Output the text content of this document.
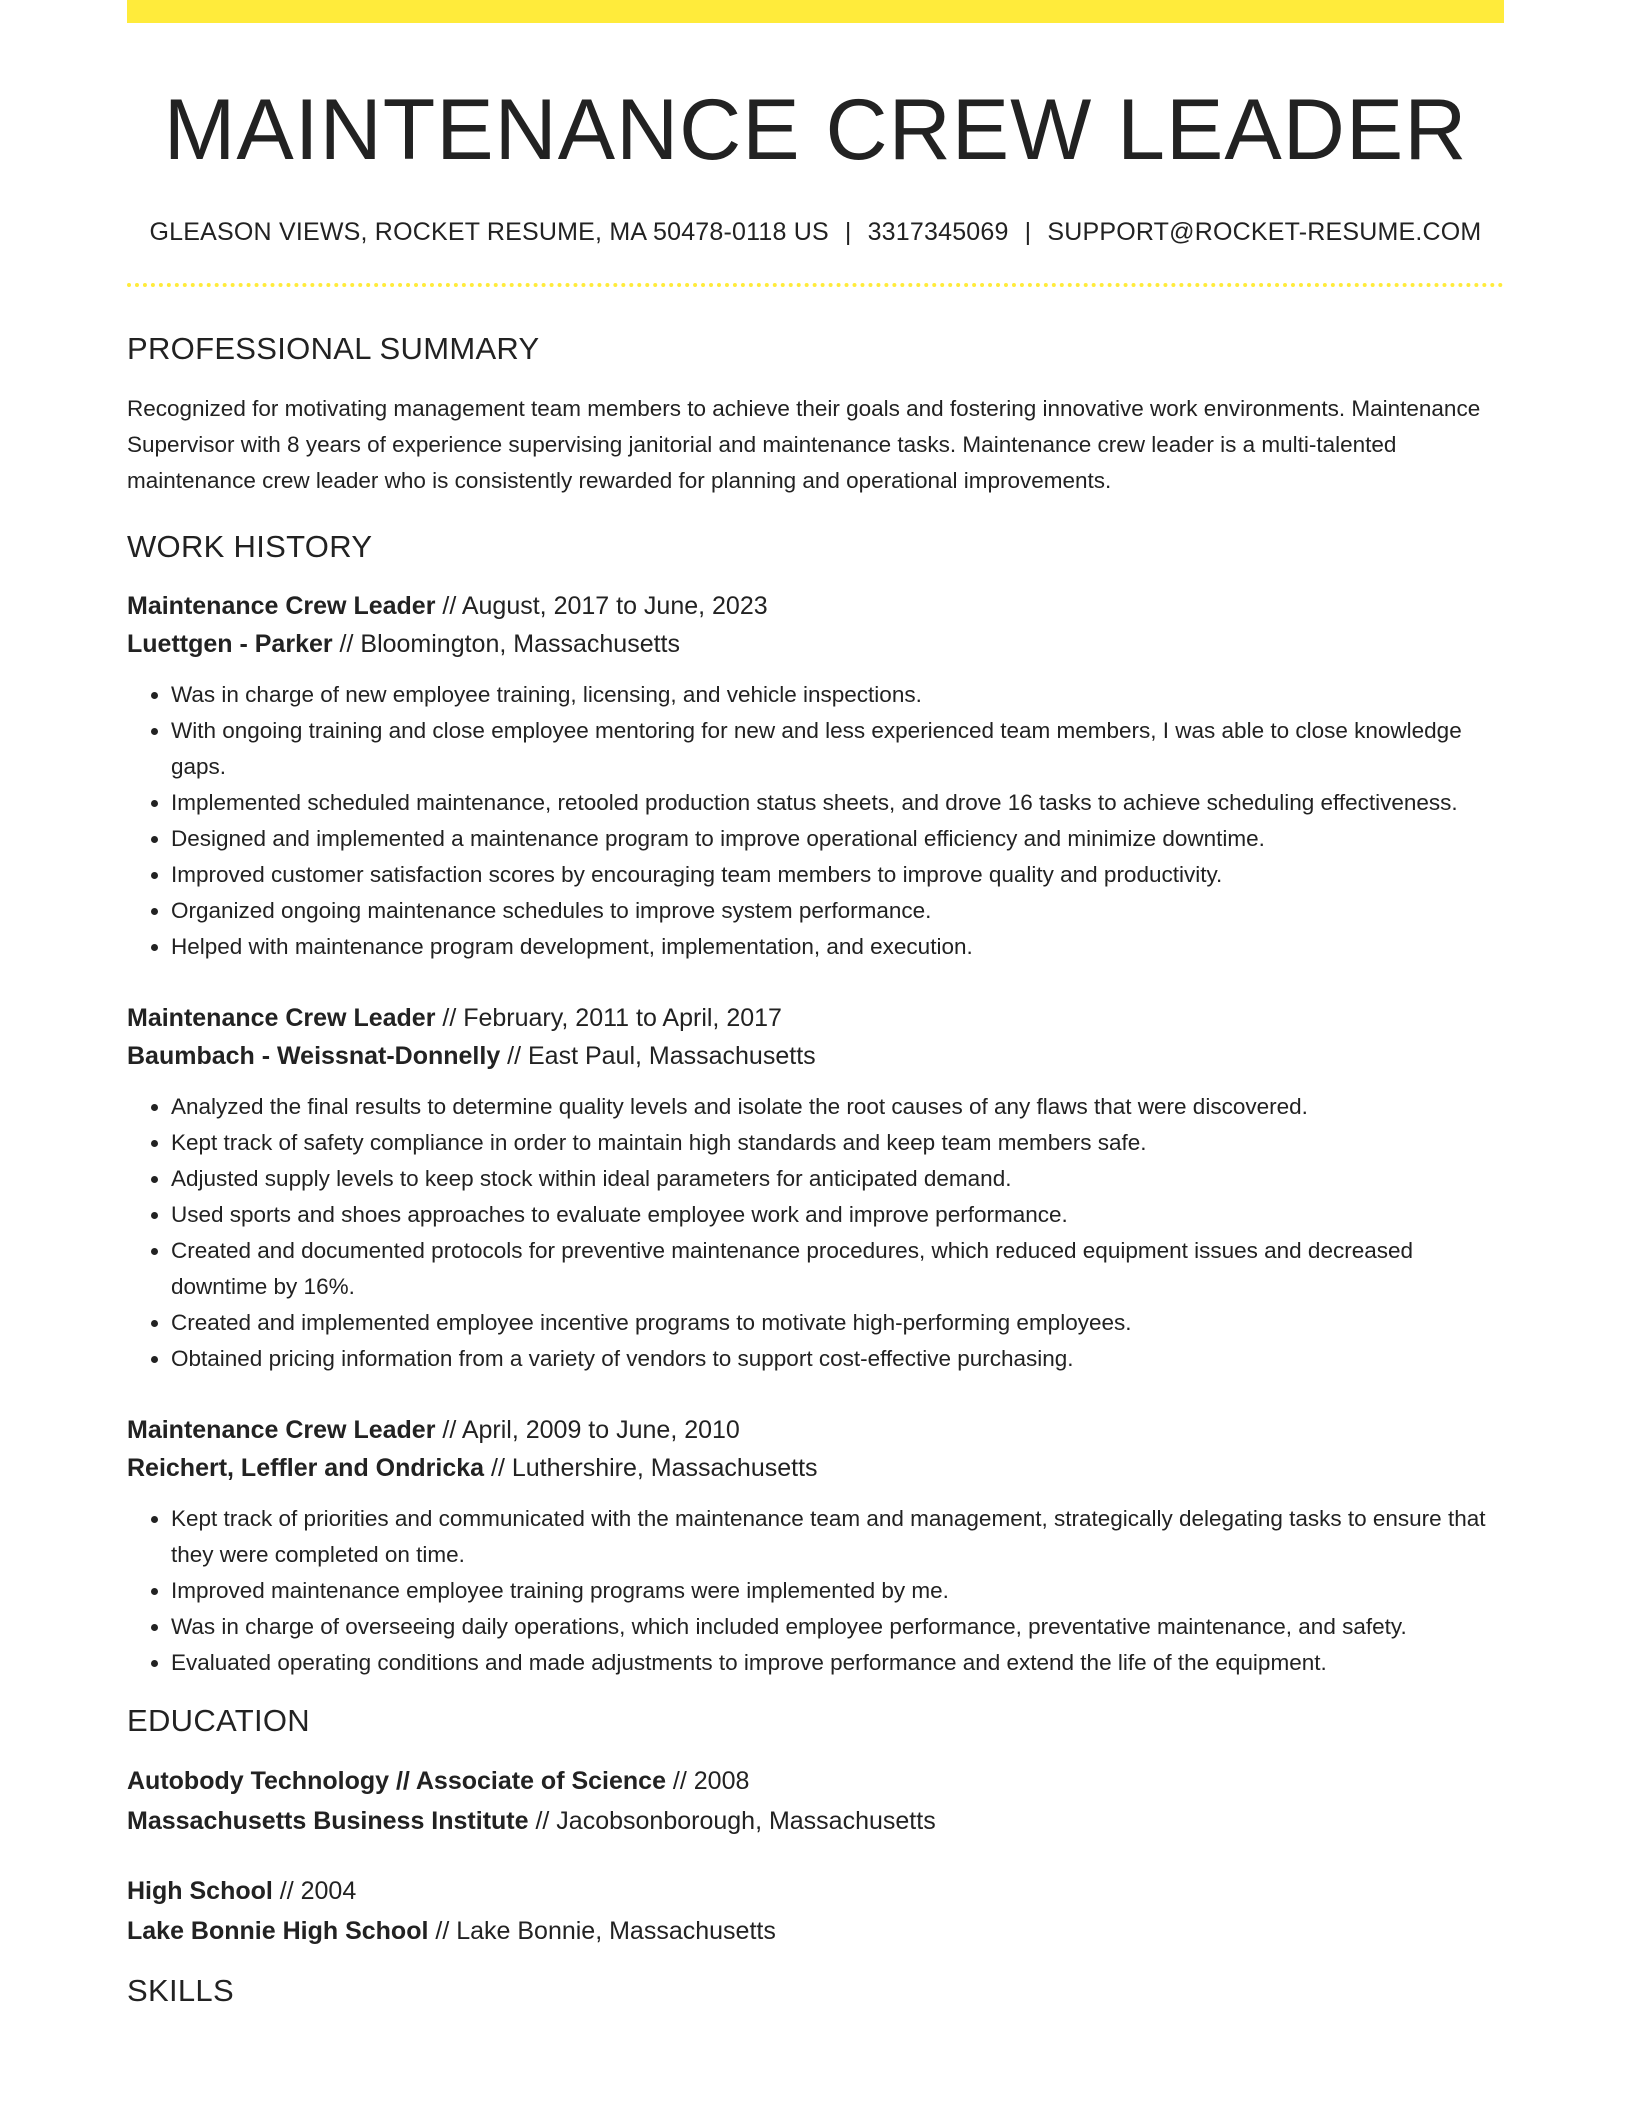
MAINTENANCE CREW LEADER
GLEASON VIEWS, ROCKET RESUME, MA 50478-0118 US | 3317345069 | SUPPORT@ROCKET-RESUME.COM
PROFESSIONAL SUMMARY
Recognized for motivating management team members to achieve their goals and fostering innovative work environments. Maintenance Supervisor with 8 years of experience supervising janitorial and maintenance tasks. Maintenance crew leader is a multi-talented maintenance crew leader who is consistently rewarded for planning and operational improvements.
WORK HISTORY
Maintenance Crew Leader // August, 2017 to June, 2023
Luettgen - Parker // Bloomington, Massachusetts
• Was in charge of new employee training, licensing, and vehicle inspections.
• With ongoing training and close employee mentoring for new and less experienced team members, I was able to close knowledge gaps.
• Implemented scheduled maintenance, retooled production status sheets, and drove 16 tasks to achieve scheduling effectiveness.
• Designed and implemented a maintenance program to improve operational efficiency and minimize downtime.
• Improved customer satisfaction scores by encouraging team members to improve quality and productivity.
• Organized ongoing maintenance schedules to improve system performance.
• Helped with maintenance program development, implementation, and execution.
Maintenance Crew Leader // February, 2011 to April, 2017
Baumbach - Weissnat-Donnelly // East Paul, Massachusetts
• Analyzed the final results to determine quality levels and isolate the root causes of any flaws that were discovered.
• Kept track of safety compliance in order to maintain high standards and keep team members safe.
• Adjusted supply levels to keep stock within ideal parameters for anticipated demand.
• Used sports and shoes approaches to evaluate employee work and improve performance.
• Created and documented protocols for preventive maintenance procedures, which reduced equipment issues and decreased downtime by 16%.
• Created and implemented employee incentive programs to motivate high-performing employees.
• Obtained pricing information from a variety of vendors to support cost-effective purchasing.
Maintenance Crew Leader // April, 2009 to June, 2010
Reichert, Leffler and Ondricka // Luthershire, Massachusetts
• Kept track of priorities and communicated with the maintenance team and management, strategically delegating tasks to ensure that they were completed on time.
• Improved maintenance employee training programs were implemented by me.
• Was in charge of overseeing daily operations, which included employee performance, preventative maintenance, and safety.
• Evaluated operating conditions and made adjustments to improve performance and extend the life of the equipment.
EDUCATION
Autobody Technology // Associate of Science // 2008
Massachusetts Business Institute // Jacobsonborough, Massachusetts
High School // 2004
Lake Bonnie High School // Lake Bonnie, Massachusetts
SKILLS
